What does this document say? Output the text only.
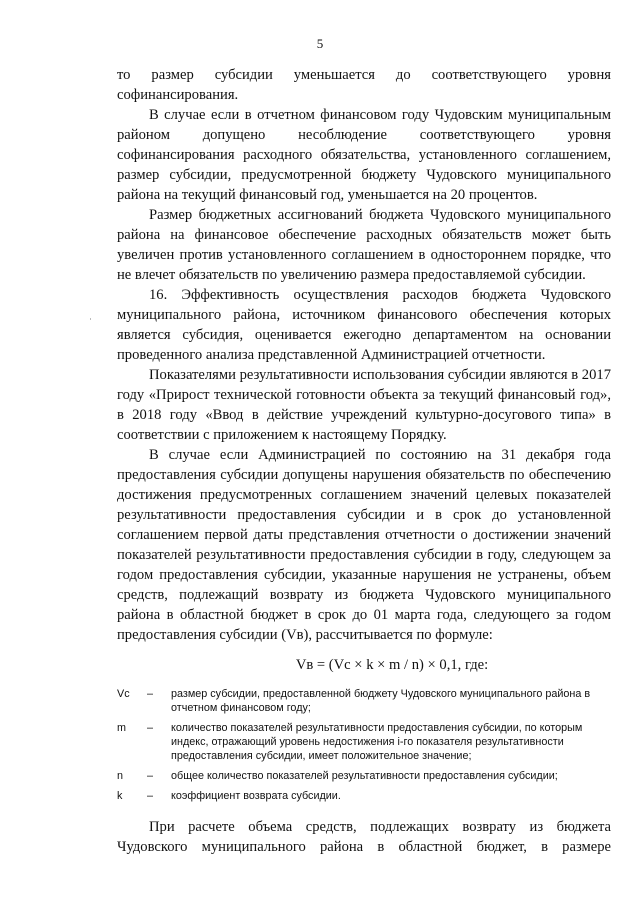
5

то размер субсидии уменьшается до соответствующего уровня
софинансирования.

В случае если в отчетном финансовом году Чудовским муниципальным районом допущено несоблюдение соответствующего уровня софинансирования расходного обязательства, установленного соглашением, размер субсидии, предусмотренной бюджету Чудовского муниципального района на текущий финансовый год, уменьшается на 20 процентов.

Размер бюджетных ассигнований бюджета Чудовского муниципального района на финансовое обеспечение расходных обязательств может быть увеличен против установленного соглашением в одностороннем порядке, что не влечет обязательств по увеличению размера предоставляемой субсидии.

16. Эффективность осуществления расходов бюджета Чудовского муниципального района, источником финансового обеспечения которых является субсидия, оценивается ежегодно департаментом на основании проведенного анализа представленной Администрацией отчетности.

Показателями результативности использования субсидии являются в 2017 году «Прирост технической готовности объекта за текущий финансовый год», в 2018 году «Ввод в действие учреждений культурно-досугового типа» в соответствии с приложением к настоящему Порядку.

В случае если Администрацией по состоянию на 31 декабря года предоставления субсидии допущены нарушения обязательств по обеспечению достижения предусмотренных соглашением значений целевых показателей результативности предоставления субсидии и в срок до установленной соглашением первой даты представления отчетности о достижении значений показателей результативности предоставления субсидии в году, следующем за годом предоставления субсидии, указанные нарушения не устранены, объем средств, подлежащий возврату из бюджета Чудовского муниципального района в областной бюджет в срок до 01 марта года, следующего за годом предоставления субсидии (Vв), рассчитывается по формуле:

Vв = (Vc × k × m / n) × 0,1, где:
Vc	–	размер субсидии, предоставленной бюджету Чудовского муниципального района в отчетном финансовом году;
m	–	количество показателей результативности предоставления субсидии, по которым индекс, отражающий уровень недостижения i-го показателя результативности предоставления субсидии, имеет положительное значение;
n	–	общее количество показателей результативности предоставления субсидии;
k	–	коэффициент возврата субсидии.

При расчете объема средств, подлежащих возврату из бюджета Чудовского муниципального района в областной бюджет, в размере
